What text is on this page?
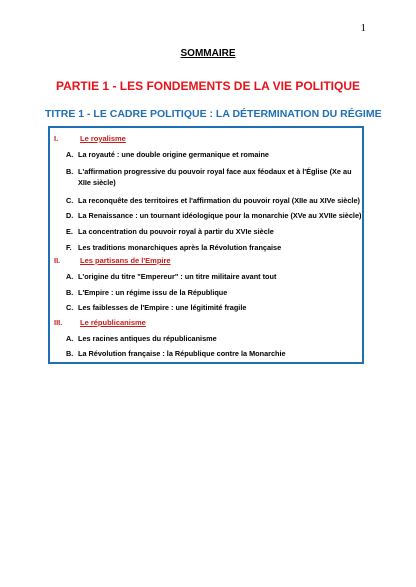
1
SOMMAIRE
PARTIE 1 - LES FONDEMENTS DE LA VIE POLITIQUE
TITRE 1 - LE CADRE POLITIQUE : LA DÉTERMINATION DU RÉGIME
I.	Le royalisme
A. La royauté : une double origine germanique et romaine
B. L'affirmation progressive du pouvoir royal face aux féodaux et à l'Église (Xe au XIIe siècle)
C. La reconquête des territoires et l'affirmation du pouvoir royal (XIIe au XIVe siècle)
D. La Renaissance : un tournant idéologique pour la monarchie (XVe au XVIIe siècle)
E. La concentration du pouvoir royal à partir du XVIe siècle
F. Les traditions monarchiques après la Révolution française
II.	Les partisans de l'Empire
A. L'origine du titre "Empereur" : un titre militaire avant tout
B. L'Empire : un régime issu de la République
C. Les faiblesses de l'Empire : une légitimité fragile
III. Le républicanisme
A. Les racines antiques du républicanisme
B. La Révolution française : la République contre la Monarchie
